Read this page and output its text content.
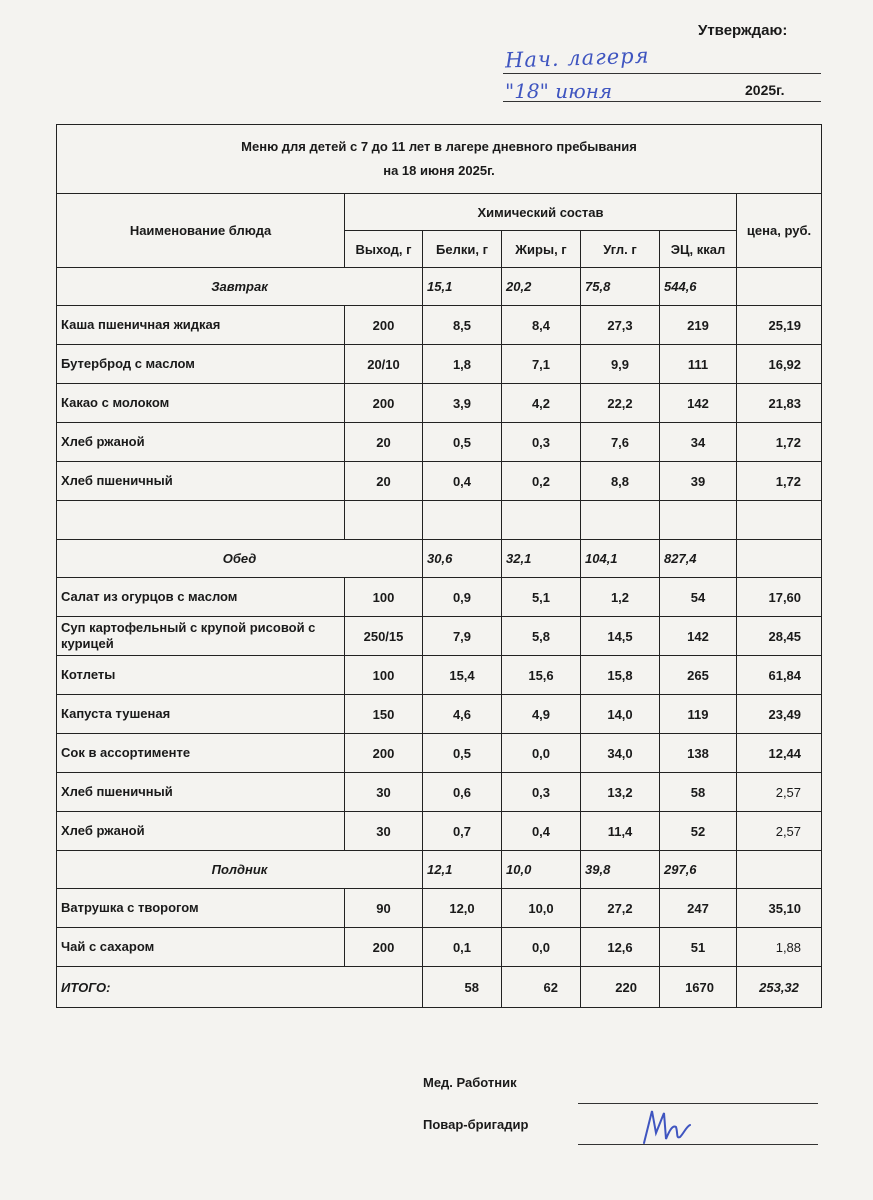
Утверждаю:
Нач. лагеря
"18" июня	2025г.
Меню для детей с 7 до 11 лет в лагере дневного пребывания
на 18 июня 2025г.						

Наименование блюда	Химический состав					цена, руб.
	Выход, г	Белки, г	Жиры, г	Угл. г	ЭЦ, ккал	
Завтрак		15,1	20,2	75,8	544,6	
Каша пшеничная жидкая	200	8,5	8,4	27,3	219	25,19
Бутерброд с маслом	20/10	1,8	7,1	9,9	111	16,92
Какао с молоком	200	3,9	4,2	22,2	142	21,83
Хлеб ржаной	20	0,5	0,3	7,6	34	1,72
Хлеб пшеничный	20	0,4	0,2	8,8	39	1,72

Обед		30,6	32,1	104,1	827,4	
Салат из огурцов с маслом	100	0,9	5,1	1,2	54	17,60
Суп картофельный с крупой рисовой с курицей	250/15	7,9	5,8	14,5	142	28,45
Котлеты	100	15,4	15,6	15,8	265	61,84
Капуста тушеная	150	4,6	4,9	14,0	119	23,49
Сок в ассортименте	200	0,5	0,0	34,0	138	12,44
Хлеб пшеничный	30	0,6	0,3	13,2	58	2,57
Хлеб ржаной	30	0,7	0,4	11,4	52	2,57
Полдник		12,1	10,0	39,8	297,6	
Ватрушка с творогом	90	12,0	10,0	27,2	247	35,10
Чай с сахаром	200	0,1	0,0	12,6	51	1,88
ИТОГО:		58	62	220	1670	253,32
Мед. Работник
Повар-бригадир
